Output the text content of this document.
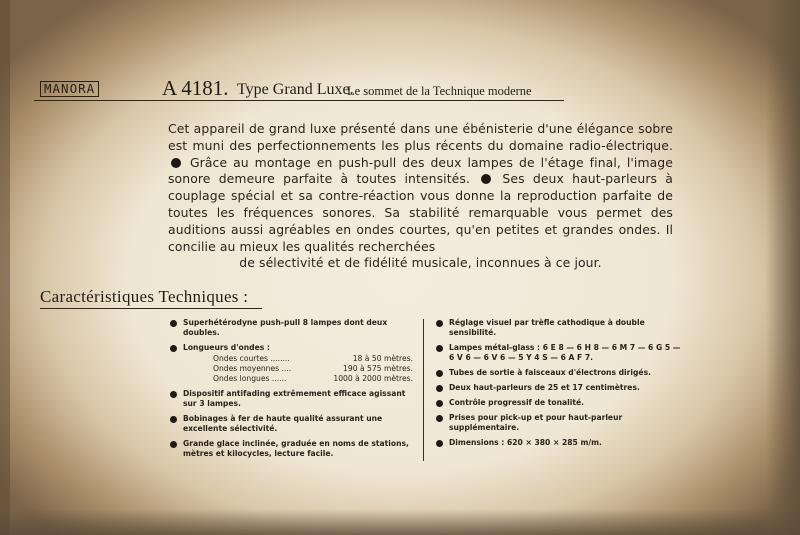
MANORA	A 4181. Type Grand Luxe.
Le sommet de la Technique moderne

Cet appareil de grand luxe présenté dans une ébénisterie d'une élégance sobre est muni des perfectionnements les plus récents du domaine radio-électrique.  Grâce au montage en push-pull des deux lampes de l'étage final, l'image sonore demeure parfaite à toutes intensités.	Ses deux haut-parleurs à couplage spécial et sa contre-réaction vous donne la reproduction parfaite de toutes les fréquences sonores. Sa stabilité remarquable vous permet des auditions aussi agréables en ondes courtes, qu'en petites et grandes ondes. Il concilie au mieux les qualités recherchées

de sélectivité et de fidélité musicale, inconnues à ce jour.

Caractéristiques Techniques :
Superhétérodyne push-pull 8 lampes dont deux doubles.
Longueurs d'ondes :
Ondes courtes ........	18 à 50 mètres.
Ondes moyennes ....	190 à 575 mètres.
Ondes longues ......	1000 à 2000 mètres.
Dispositif antifading extrêmement efficace agissant sur 3 lampes.
Bobinages à fer de haute qualité assurant une excellente sélectivité.
Grande glace inclinée, graduée en noms de stations, mètres et kilocycles, lecture facile.
Réglage visuel par trèfle cathodique à double sensibilité.
Lampes métal-glass : 6 E 8 — 6 H 8 — 6 M 7 — 6 G 5 — 6 V 6 — 6 V 6 — 5 Y 4 S — 6 A F 7.
Tubes de sortie à faisceaux d'électrons dirigés.
Deux haut-parleurs de 25 et 17 centimètres.
Contrôle progressif de tonalité.
Prises pour pick-up et pour haut-parleur supplémentaire.
Dimensions : 620 × 380 × 285 m/m.
